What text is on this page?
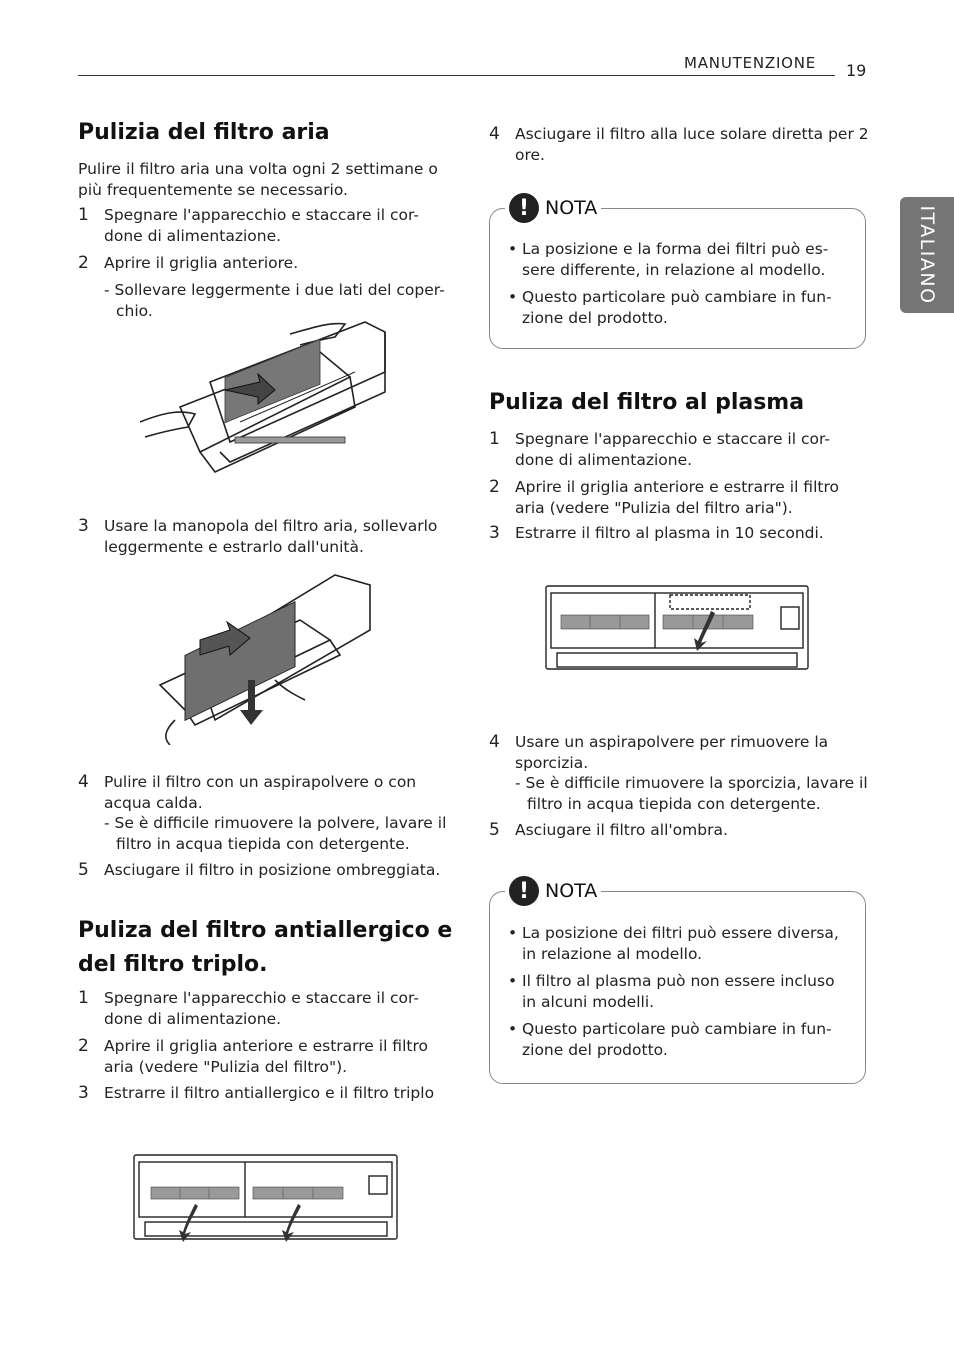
MANUTENZIONE 19
ITALIANO
Pulizia del filtro aria
Pulire il filtro aria una volta ogni 2 settimane o più frequentemente se necessario.
1 Spegnare l'apparecchio e staccare il cor-done di alimentazione.
2 Aprire il griglia anteriore.
- Sollevare leggermente i due lati del coper-chio.
3 Usare la manopola del filtro aria, sollevarlo leggermente e estrarlo dall'unità.
4 Pulire il filtro con un aspirapolvere o con acqua calda.
- Se è difficile rimuovere la polvere, lavare il filtro in acqua tiepida con detergente.
5 Asciugare il filtro in posizione ombreggiata.
Puliza del filtro antiallergico e del filtro triplo.
1 Spegnare l'apparecchio e staccare il cor-done di alimentazione.
2 Aprire il griglia anteriore e estrarre il filtro aria (vedere "Pulizia del filtro").
3 Estrarre il filtro antiallergico e il filtro triplo
4 Asciugare il filtro alla luce solare diretta per 2 ore.
! NOTA
• La posizione e la forma dei filtri può es-sere differente, in relazione al modello.
• Questo particolare può cambiare in fun-zione del prodotto.
Puliza del filtro al plasma
1 Spegnare l'apparecchio e staccare il cor-done di alimentazione.
2 Aprire il griglia anteriore e estrarre il filtro aria (vedere "Pulizia del filtro aria").
3 Estrarre il filtro al plasma in 10 secondi.
4 Usare un aspirapolvere per rimuovere la sporcizia.
- Se è difficile rimuovere la sporcizia, lavare il filtro in acqua tiepida con detergente.
5 Asciugare il filtro all'ombra.
! NOTA
• La posizione dei filtri può essere diversa, in relazione al modello.
• Il filtro al plasma può non essere incluso in alcuni modelli.
• Questo particolare può cambiare in fun-zione del prodotto.
